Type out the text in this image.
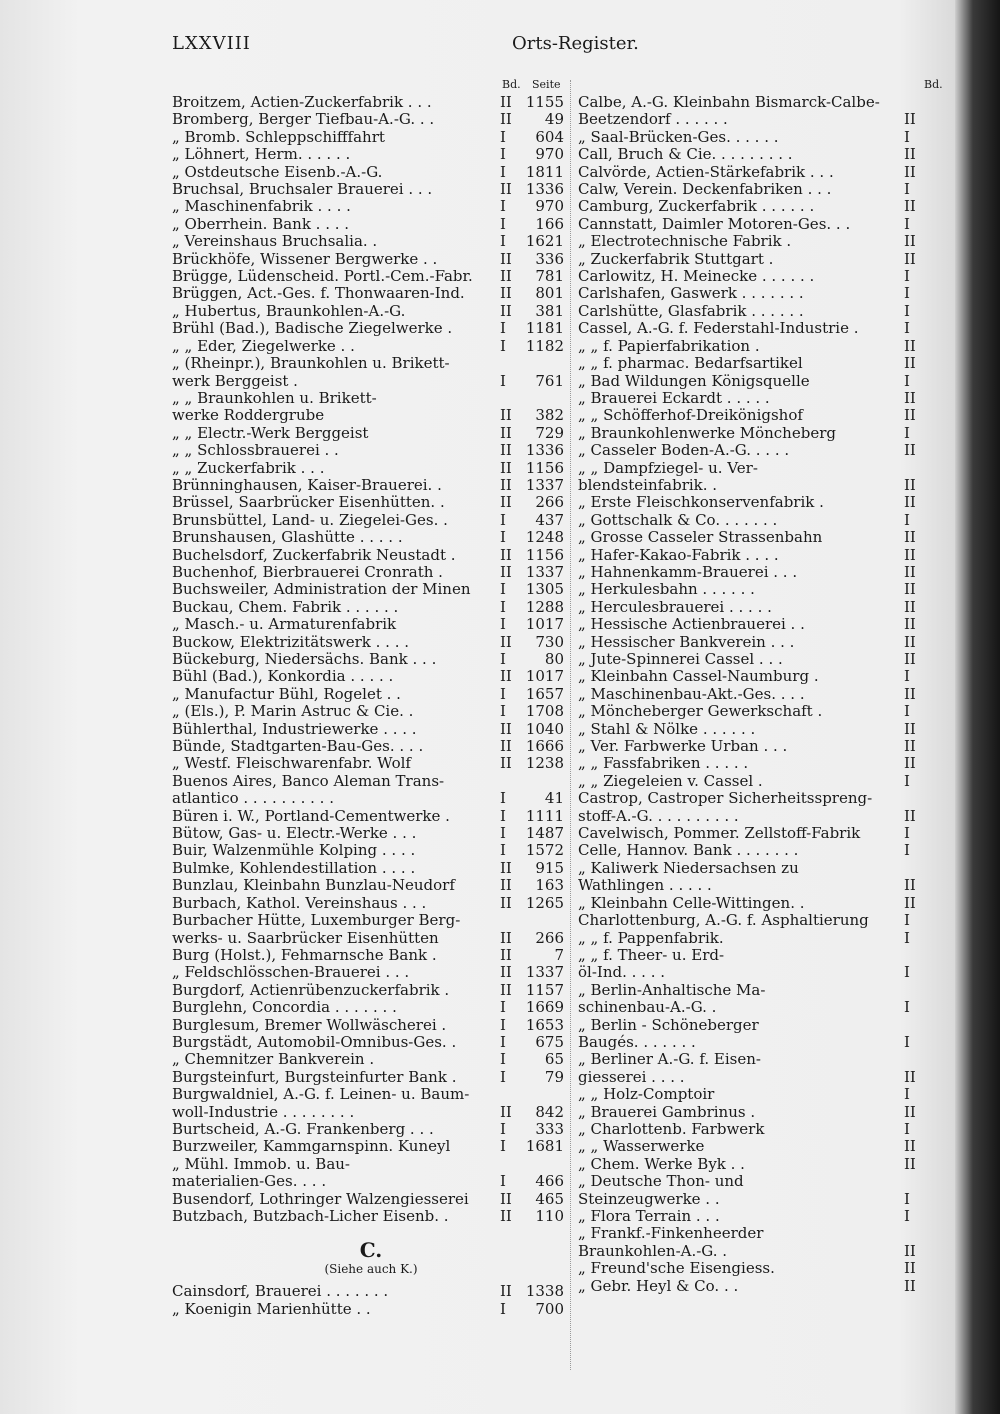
LXXVIII	Orts-Register.
Bd. Seite
Broitzem, Actien-Zuckerfabrik . . .	II 1155
Bromberg, Berger Tiefbau-A.-G. . .	II	49
„ Bromb. Schleppschifffahrt	I	604
„ Löhnert, Herm. . . . . .	I	970
„ Ostdeutsche Eisenb.-A.-G.	I	1811
Bruchsal, Bruchsaler Brauerei . . .	II 1336
„ Maschinenfabrik . . . .	I	970
„ Oberrhein. Bank . . . .	I	166
„ Vereinshaus Bruchsalia. .	I	1621
Brückhöfe, Wissener Bergwerke . .	II	336
Brügge, Lüdenscheid. Portl.-Cem.-Fabr.	II	781
Brüggen, Act.-Ges. f. Thonwaaren-Ind.	II	801
„ Hubertus, Braunkohlen-A.-G.	II	381
Brühl (Bad.), Badische Ziegelwerke .	I	1181
„ „ Eder, Ziegelwerke . .	I	1182
„ (Rheinpr.), Braunkohlen u. Brikett-
werk Berggeist .	I	761
„ „ Braunkohlen u. Brikett-
werke Roddergrube	II	382
„ „ Electr.-Werk Berggeist	II	729
„ „ Schlossbrauerei . .	II 1336
„ „ Zuckerfabrik . . .	II 1156
Brünninghausen, Kaiser-Brauerei. .	II 1337
Brüssel, Saarbrücker Eisenhütten. .	II	266
Brunsbüttel, Land- u. Ziegelei-Ges. .	I	437
Brunshausen, Glashütte . . . . .	I	1248
Buchelsdorf, Zuckerfabrik Neustadt .	II 1156
Buchenhof, Bierbrauerei Cronrath .	II 1337
Buchsweiler, Administration der Minen	I	1305
Buckau, Chem. Fabrik . . . . . .	I	1288
„ Masch.- u. Armaturenfabrik	I	1017
Buckow, Elektrizitätswerk . . . .	II	730
Bückeburg, Niedersächs. Bank . . .	I	80
Bühl (Bad.), Konkordia . . . . .	II 1017
„ Manufactur Bühl, Rogelet . .	I	1657
„ (Els.), P. Marin Astruc & Cie. .	I	1708
Bühlerthal, Industriewerke . . . .	II 1040
Bünde, Stadtgarten-Bau-Ges. . . .	II 1666
„ Westf. Fleischwarenfabr. Wolf	II 1238
Buenos Aires, Banco Aleman Trans-
atlantico . . . . . . . . . .	I	41
Büren i. W., Portland-Cementwerke .	I	1111
Bütow, Gas- u. Electr.-Werke . . .	I	1487
Buir, Walzenmühle Kolping . . . .	I	1572
Bulmke, Kohlendestillation . . . .	II	915
Bunzlau, Kleinbahn Bunzlau-Neudorf	II	163
Burbach, Kathol. Vereinshaus . . .	II 1265
Burbacher Hütte, Luxemburger Berg-
werks- u. Saarbrücker Eisenhütten	II	266
Burg (Holst.), Fehmarnsche Bank .	II	7
„ Feldschlösschen-Brauerei . . .	II 1337
Burgdorf, Actienrübenzuckerfabrik .	II 1157
Burglehn, Concordia . . . . . . .	I	1669
Burglesum, Bremer Wollwäscherei .	I	1653
Burgstädt, Automobil-Omnibus-Ges. .	I	675
„ Chemnitzer Bankverein .	I	65
Burgsteinfurt, Burgsteinfurter Bank .	I	79
Burgwaldniel, A.-G. f. Leinen- u. Baum-
woll-Industrie . . . . . . . .	II	842
Burtscheid, A.-G. Frankenberg . . .	I	333
Burzweiler, Kammgarnspinn. Kuneyl	I	1681
„ Mühl. Immob. u. Bau-
materialien-Ges. . . .	I	466
Busendorf, Lothringer Walzengiesserei	II	465
Butzbach, Butzbach-Licher Eisenb. .	II	110
C.
(Siehe auch K.)
Cainsdorf, Brauerei . . . . . . .	II 1338
„ Koenigin Marienhütte . .	I	700
Bd.
Calbe, A.-G. Kleinbahn Bismarck-Calbe-
Beetzendorf . . . . . .	II
„ Saal-Brücken-Ges. . . . . .	I
Call, Bruch & Cie. . . . . . . . .	II
Calvörde, Actien-Stärkefabrik . . .	II
Calw, Verein. Deckenfabriken . . .	I
Camburg, Zuckerfabrik . . . . . .	II
Cannstatt, Daimler Motoren-Ges. . .	I
„ Electrotechnische Fabrik .	II
„ Zuckerfabrik Stuttgart .	II
Carlowitz, H. Meinecke . . . . . .	I
Carlshafen, Gaswerk . . . . . . .	I
Carlshütte, Glasfabrik . . . . . .	I
Cassel, A.-G. f. Federstahl-Industrie .	I
„ „ f. Papierfabrikation .	II
„ „ f. pharmac. Bedarfsartikel	II
„ Bad Wildungen Königsquelle	I
„ Brauerei Eckardt . . . . .	II
„ „ Schöfferhof-Dreikönigshof	II
„ Braunkohlenwerke Möncheberg	I
„ Casseler Boden-A.-G. . . . .	II
„ „ Dampfziegel- u. Ver-
blendsteinfabrik. .	II
„ Erste Fleischkonservenfabrik .	II
„ Gottschalk & Co. . . . . . .	I
„ Grosse Casseler Strassenbahn	II
„ Hafer-Kakao-Fabrik . . . .	II
„ Hahnenkamm-Brauerei . . .	II
„ Herkulesbahn . . . . . .	II
„ Herculesbrauerei . . . . .	II
„ Hessische Actienbrauerei . .	II
„ Hessischer Bankverein . . .	II
„ Jute-Spinnerei Cassel . . .	II
„ Kleinbahn Cassel-Naumburg .	I
„ Maschinenbau-Akt.-Ges. . . .	II
„ Möncheberger Gewerkschaft .	I
„ Stahl & Nölke . . . . . .	II
„ Ver. Farbwerke Urban . . .	II
„ „ Fassfabriken . . . . .	II
„ „ Ziegeleien v. Cassel .	I
Castrop, Castroper Sicherheitsspreng-
stoff-A.-G. . . . . . . . . .	II
Cavelwisch, Pommer. Zellstoff-Fabrik	I
Celle, Hannov. Bank . . . . . . .	I
„ Kaliwerk Niedersachsen zu
Wathlingen . . . . .	II
„ Kleinbahn Celle-Wittingen. .	II
Charlottenburg, A.-G. f. Asphaltierung	I
„ „ f. Pappenfabrik.	I
„ „ f. Theer- u. Erd-
öl-Ind. . . . .	I
„ Berlin-Anhaltische Ma-
schinenbau-A.-G. .	I
„ Berlin - Schöneberger
Baugés. . . . . . .	I
„ Berliner A.-G. f. Eisen-
giesserei . . . .	II
„ „ Holz-Comptoir	I
„ Brauerei Gambrinus .	II
„ Charlottenb. Farbwerk	I
„ „ Wasserwerke	II
„ Chem. Werke Byk . .	II
„ Deutsche Thon- und
Steinzeugwerke . .	I
„ Flora Terrain . . .	I
„ Frankf.-Finkenheerder
Braunkohlen-A.-G. .	II
„ Freund'sche Eisengiess.	II
„ Gebr. Heyl & Co. . .	II
